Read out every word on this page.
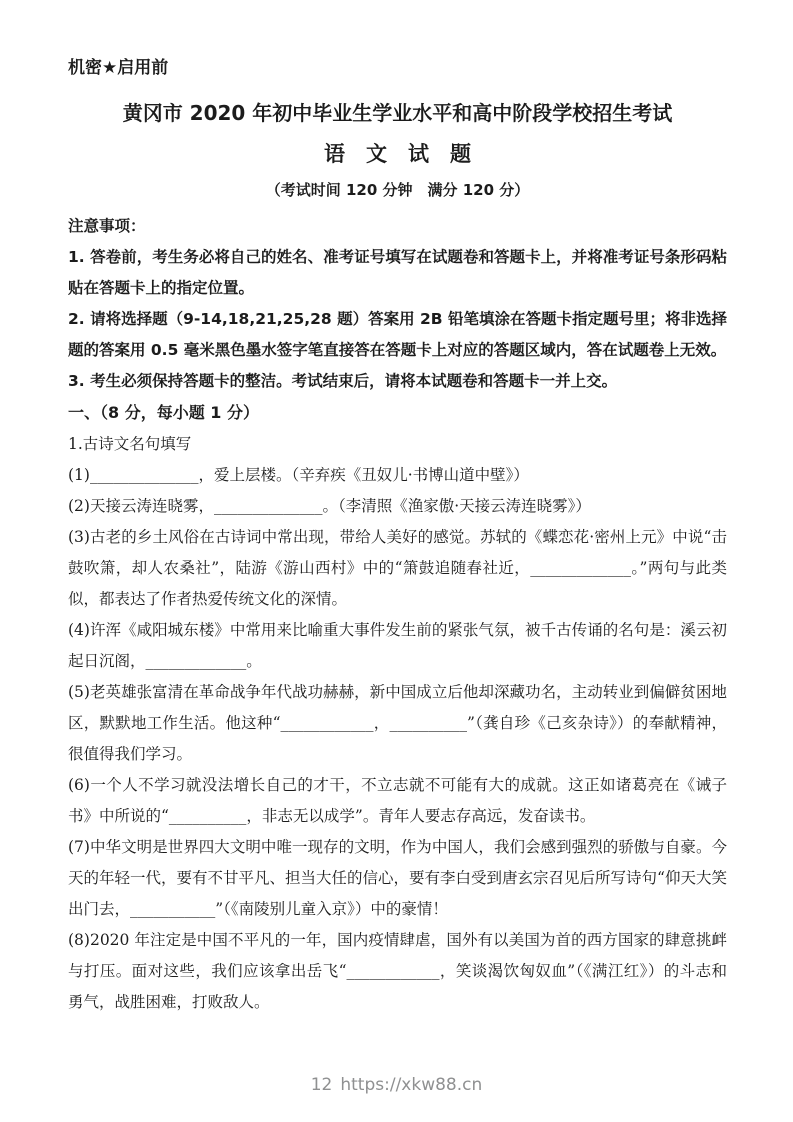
机密★启用前
黄冈市 2020 年初中毕业生学业水平和高中阶段学校招生考试
语　文　试　题
（考试时间 120 分钟　满分 120 分）
注意事项：

1. 答卷前，考生务必将自己的姓名、准考证号填写在试题卷和答题卡上，并将准考证号条形码粘贴在答题卡上的指定位置。

2. 请将选择题（9-14,18,21,25,28 题）答案用 2B 铅笔填涂在答题卡指定题号里；将非选择题的答案用 0.5 毫米黑色墨水签字笔直接答在答题卡上对应的答题区域内，答在试题卷上无效。

3. 考生必须保持答题卡的整洁。考试结束后，请将本试题卷和答题卡一并上交。

一、（8 分，每小题 1 分）
1.古诗文名句填写

(1)______________，爱上层楼。（辛弃疾《丑奴儿·书博山道中壁》）

(2)天接云涛连晓雾，______________。（李清照《渔家傲·天接云涛连晓雾》）

(3)古老的乡土风俗在古诗词中常出现，带给人美好的感觉。苏轼的《蝶恋花·密州上元》中说“击鼓吹箫，却人农桑社”，陆游《游山西村》中的“箫鼓追随春社近，_____________。”两句与此类似，都表达了作者热爱传统文化的深情。

(4)许浑《咸阳城东楼》中常用来比喻重大事件发生前的紧张气氛，被千古传诵的名句是：溪云初起日沉阁，_____________。

(5)老英雄张富清在革命战争年代战功赫赫，新中国成立后他却深藏功名，主动转业到偏僻贫困地区，默默地工作生活。他这种“____________，__________”（龚自珍《己亥杂诗》）的奉献精神，很值得我们学习。

(6)一个人不学习就没法增长自己的才干，不立志就不可能有大的成就。这正如诸葛亮在《诫子书》中所说的“__________，非志无以成学”。青年人要志存高远，发奋读书。

(7)中华文明是世界四大文明中唯一现存的文明，作为中国人，我们会感到强烈的骄傲与自豪。今天的年轻一代，要有不甘平凡、担当大任的信心，要有李白受到唐玄宗召见后所写诗句“仰天大笑出门去，___________”（《南陵别儿童入京》）中的豪情！

(8)2020 年注定是中国不平凡的一年，国内疫情肆虐，国外有以美国为首的西方国家的肆意挑衅与打压。面对这些，我们应该拿出岳飞“____________，笑谈渴饮匈奴血”（《满江红》）的斗志和勇气，战胜困难，打败敌人。

12 https://xkw88.cn
